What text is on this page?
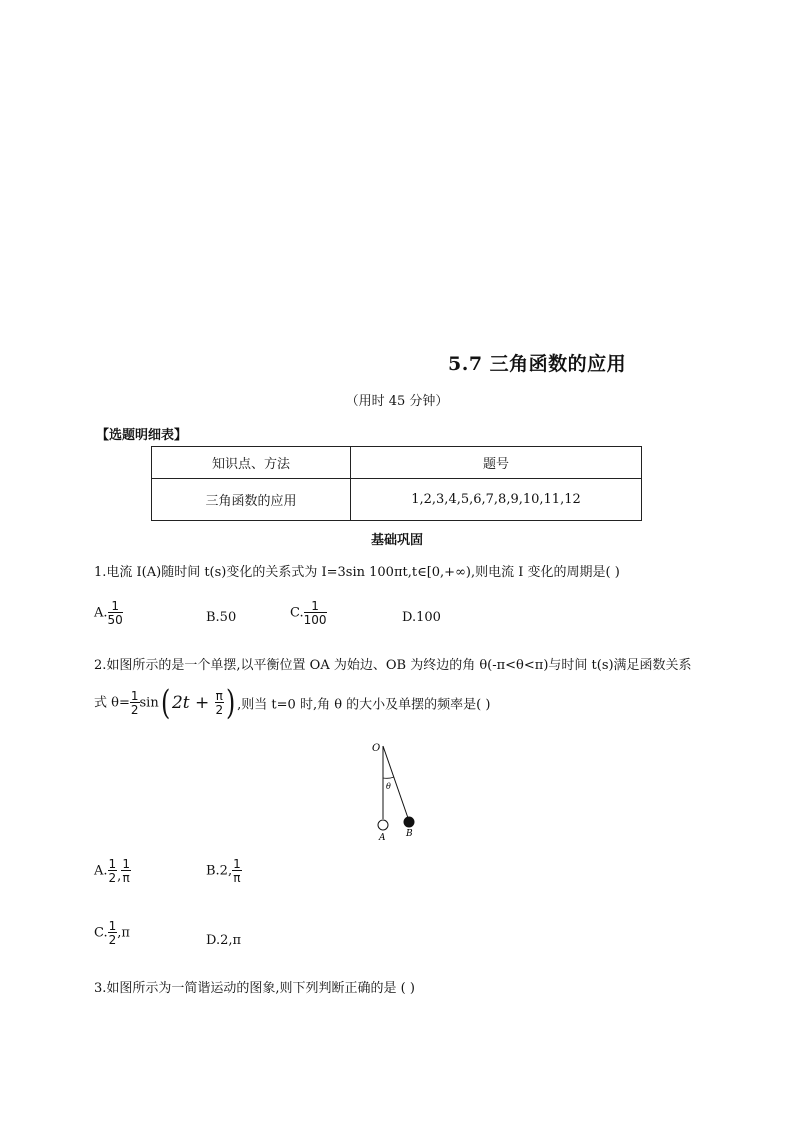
5.7 三角函数的应用
（用时 45 分钟）
【选题明细表】
知识点、方法	题号
三角函数的应用	1,2,3,4,5,6,7,8,9,10,11,12
基础巩固
1.电流 I(A)随时间 t(s)变化的关系式为 I=3sin 100πt,t∈[0,+∞),则电流 I 变化的周期是( )
A. $\frac{1}{50}$	B.50	C. $\frac{1}{100}$	D.100
2.如图所示的是一个单摆,以平衡位置 OA 为始边、OB 为终边的角 θ(-π<θ<π)与时间 t(s)满足函数关系
式 $\theta= \frac{1}{2} \sin$( $2t + \frac{\pi}{2}$ ) ,则当 t=0 时,角 θ 的大小及单摆的频率是( )
O
θ
A B
A. $\frac{1}{2}$ , $\frac{1}{\pi}$	B.2, $\frac{1}{\pi}$
C. $\frac{1}{2} ,\pi$	D.2,π
3.如图所示为一简谐运动的图象,则下列判断正确的是 ( )
